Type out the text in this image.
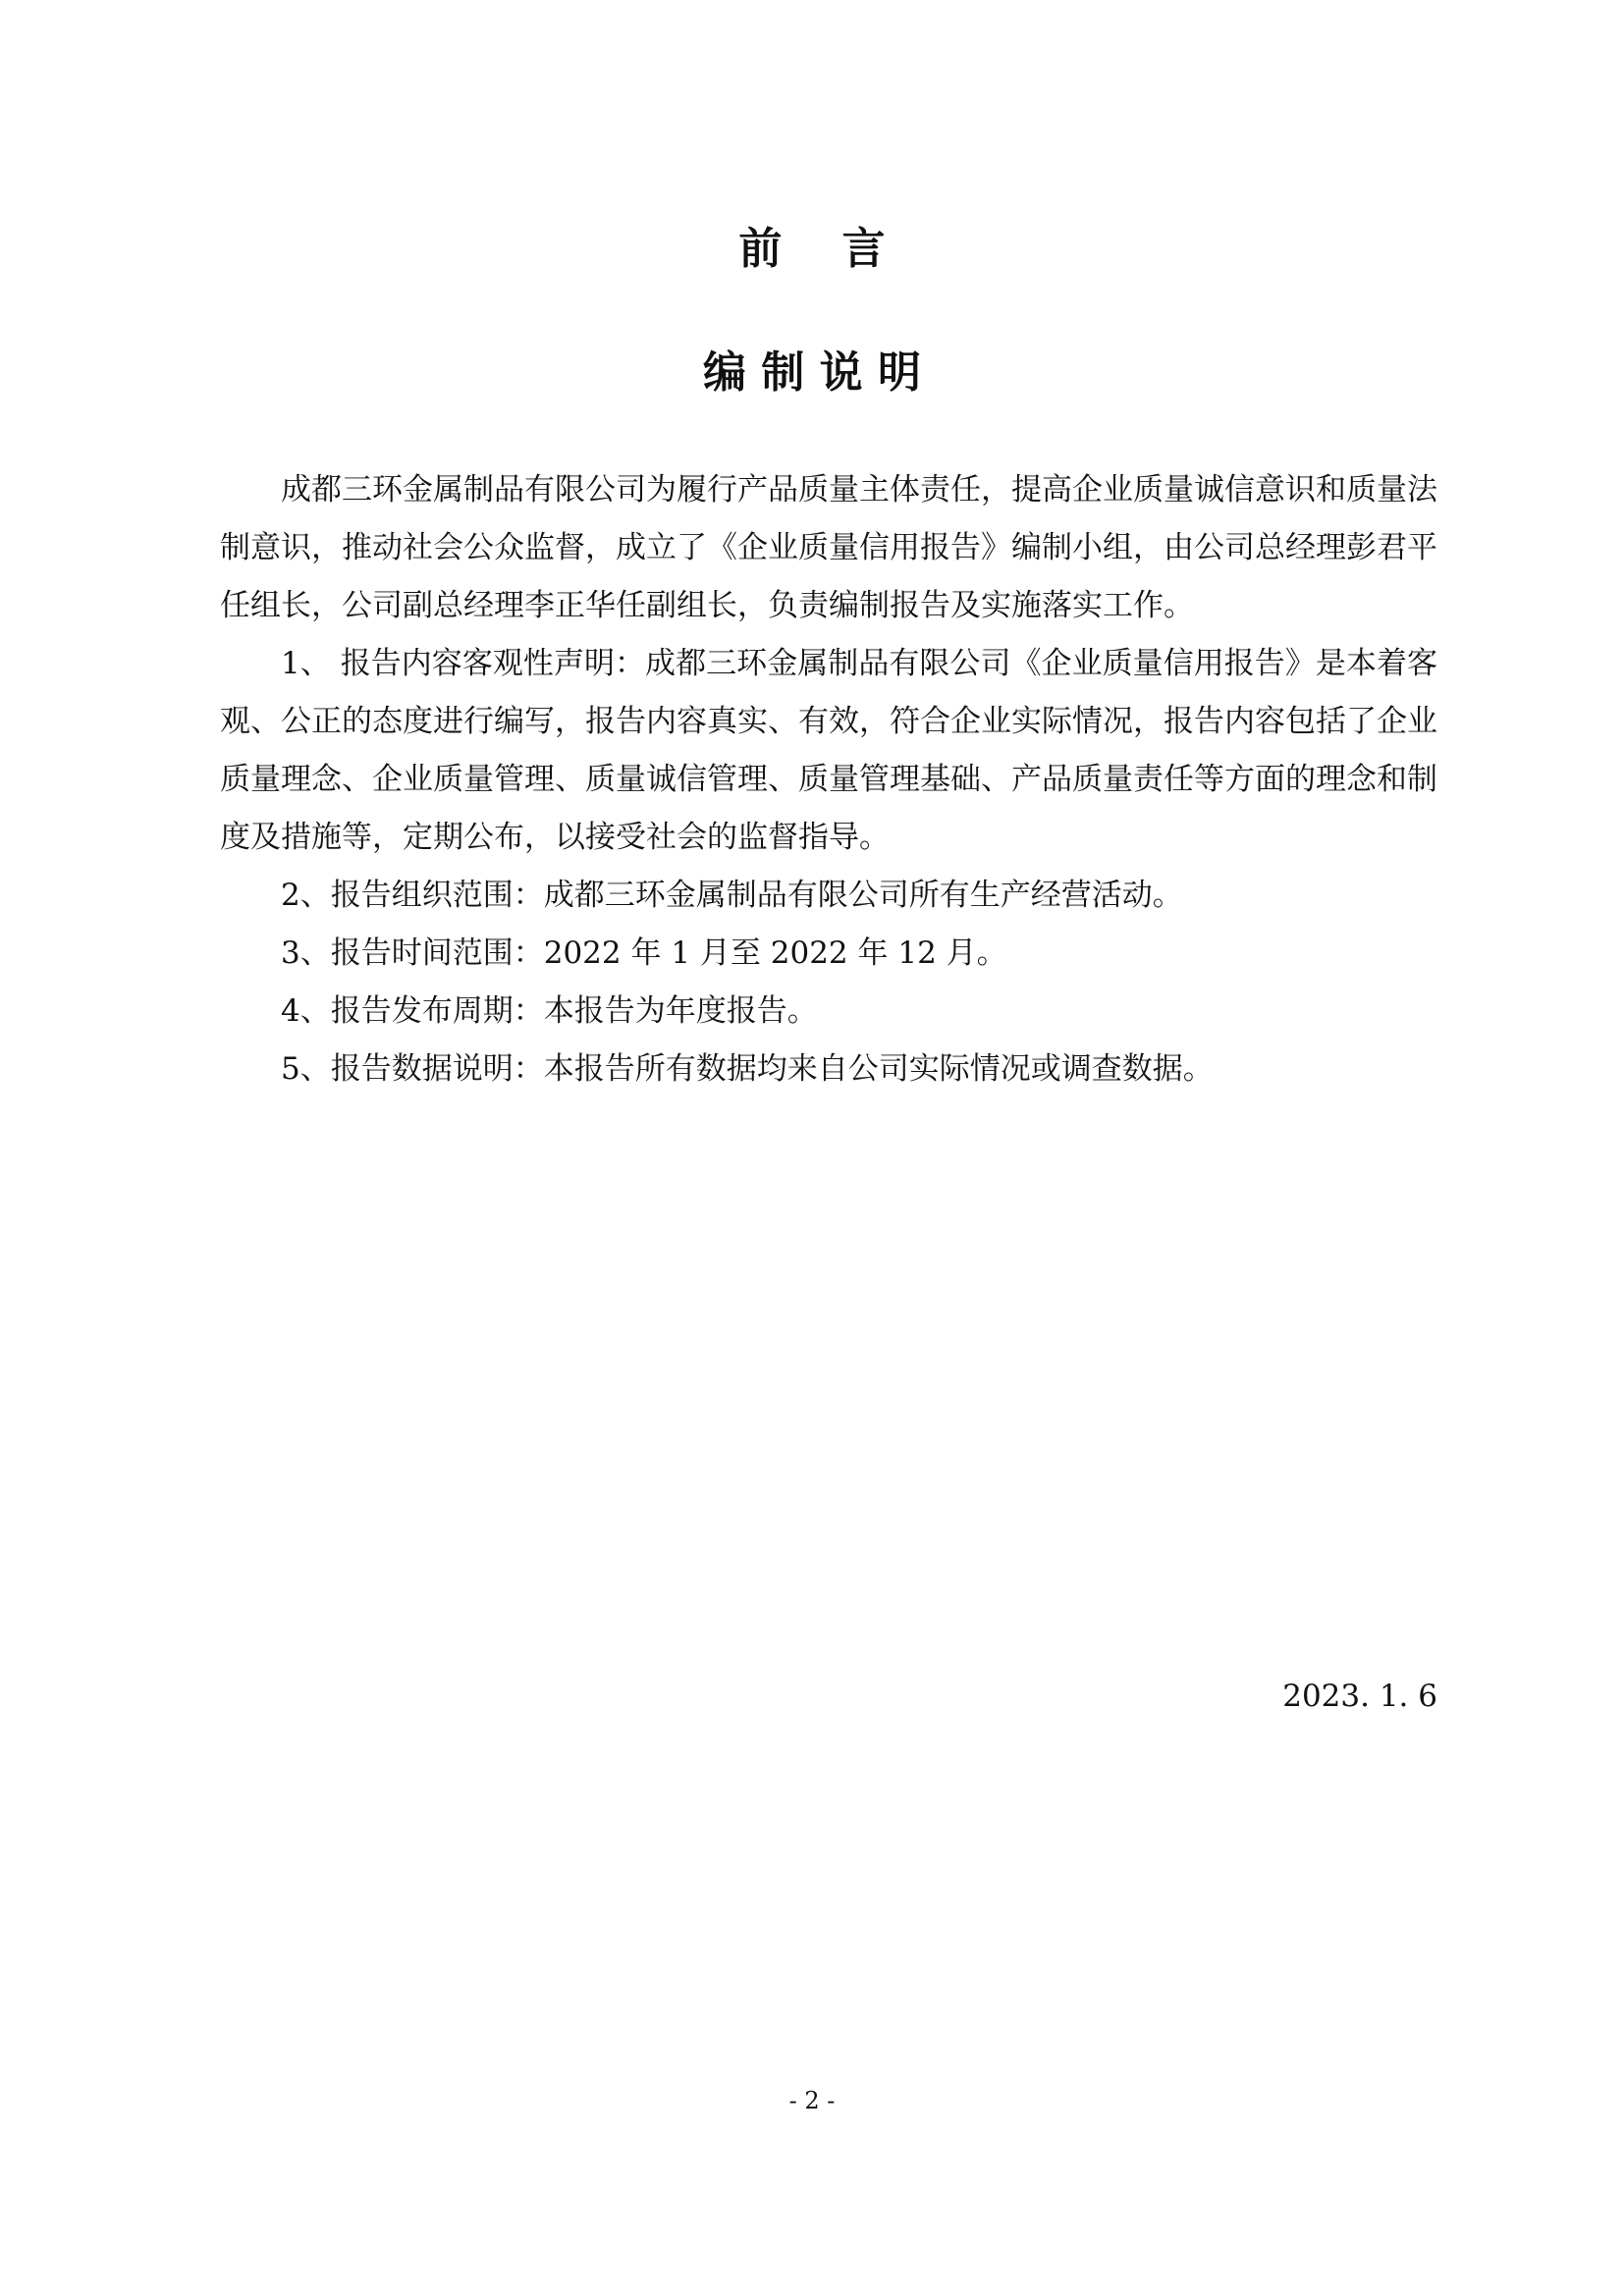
前    言
编 制 说 明

成都三环金属制品有限公司为履行产品质量主体责任，提高企业质量诚信意识和质量法制意识，推动社会公众监督，成立了《企业质量信用报告》编制小组，由公司总经理彭君平任组长，公司副总经理李正华任副组长，负责编制报告及实施落实工作。

1、 报告内容客观性声明：成都三环金属制品有限公司《企业质量信用报告》是本着客观、公正的态度进行编写，报告内容真实、有效，符合企业实际情况，报告内容包括了企业质量理念、企业质量管理、质量诚信管理、质量管理基础、产品质量责任等方面的理念和制度及措施等，定期公布，以接受社会的监督指导。

2、报告组织范围：成都三环金属制品有限公司所有生产经营活动。

3、报告时间范围：2022 年 1 月至 2022 年 12 月。

4、报告发布周期：本报告为年度报告。

5、报告数据说明：本报告所有数据均来自公司实际情况或调查数据。

2023. 1. 6
- 2 -
